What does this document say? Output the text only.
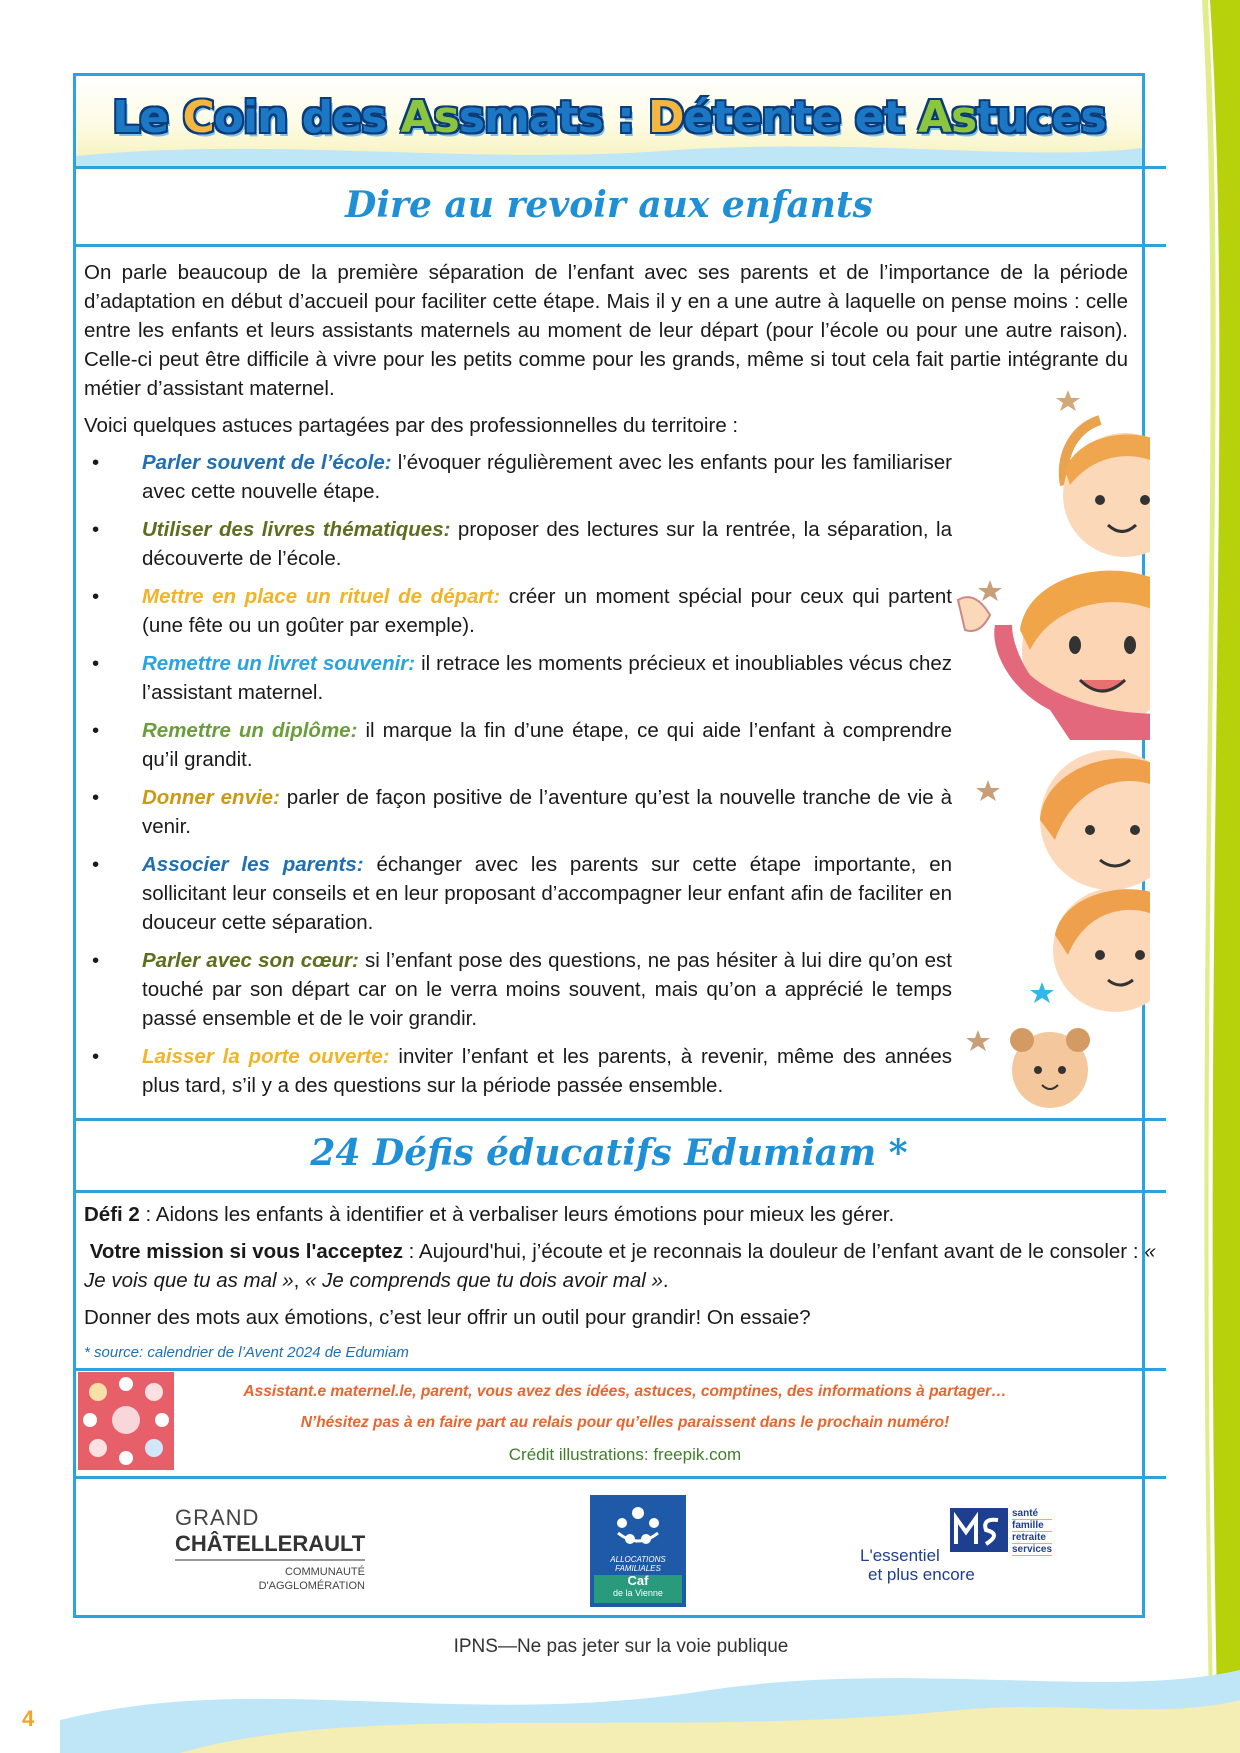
Le Coin des Assmats : Détente et Astuces
Dire au revoir aux enfants

On parle beaucoup de la première séparation de l’enfant avec ses parents et de l’importance de la période d’adaptation en début d’accueil pour faciliter cette étape. Mais il y en a une autre à laquelle on pense moins : celle entre les enfants et leurs assistants maternels au moment de leur départ (pour l’école ou pour une autre raison). Celle-ci peut être difficile à vivre pour les petits comme pour les grands, même si tout cela fait partie intégrante du métier d’assistant maternel.

Voici quelques astuces partagées par des professionnelles du territoire :

• Parler souvent de l’école: l’évoquer régulièrement avec les enfants pour les familiariser avec cette nouvelle étape.
• Utiliser des livres thématiques: proposer des lectures sur la rentrée, la séparation, la découverte de l’école.
• Mettre en place un rituel de départ: créer un moment spécial pour ceux qui partent (une fête ou un goûter par exemple).
• Remettre un livret souvenir: il retrace les moments précieux et inoubliables vécus chez l’assistant maternel.
• Remettre un diplôme: il marque la fin d’une étape, ce qui aide l’enfant à comprendre qu’il grandit.
• Donner envie: parler de façon positive de l’aventure qu’est la nouvelle tranche de vie à venir.
• Associer les parents: échanger avec les parents sur cette étape importante, en sollicitant leur conseils et en leur proposant d’accompagner leur enfant afin de faciliter en douceur cette séparation.
• Parler avec son cœur: si l’enfant pose des questions, ne pas hésiter à lui dire qu’on est touché par son départ car on le verra moins souvent, mais qu’on a apprécié le temps passé ensemble et de le voir grandir.
• Laisser la porte ouverte: inviter l’enfant et les parents, à revenir, même des années plus tard, s’il y a des questions sur la période passée ensemble.
24 Défis éducatifs Edumiam *

Défi 2 : Aidons les enfants à identifier et à verbaliser leurs émotions pour mieux les gérer.

Votre mission si vous l'acceptez : Aujourd'hui, j’écoute et je reconnais la douleur de l’enfant avant de le consoler : « Je vois que tu as mal », « Je comprends que tu dois avoir mal ».

Donner des mots aux émotions, c’est leur offrir un outil pour grandir! On essaie?

* source: calendrier de l’Avent 2024 de Edumiam
Assistant.e maternel.le, parent, vous avez des idées, astuces, comptines, des informations à partager…
N’hésitez pas à en faire part au relais pour qu’elles paraissent dans le prochain numéro!
Crédit illustrations: freepik.com
GRAND
CHÂTELLERAULT
COMMUNAUTÉ
D'AGGLOMÉRATION
ALLOCATIONS
FAMILIALES
Caf
de la Vienne
santé
famille
retraite
services
L'essentiel
et plus encore
IPNS—Ne pas jeter sur la voie publique
4
